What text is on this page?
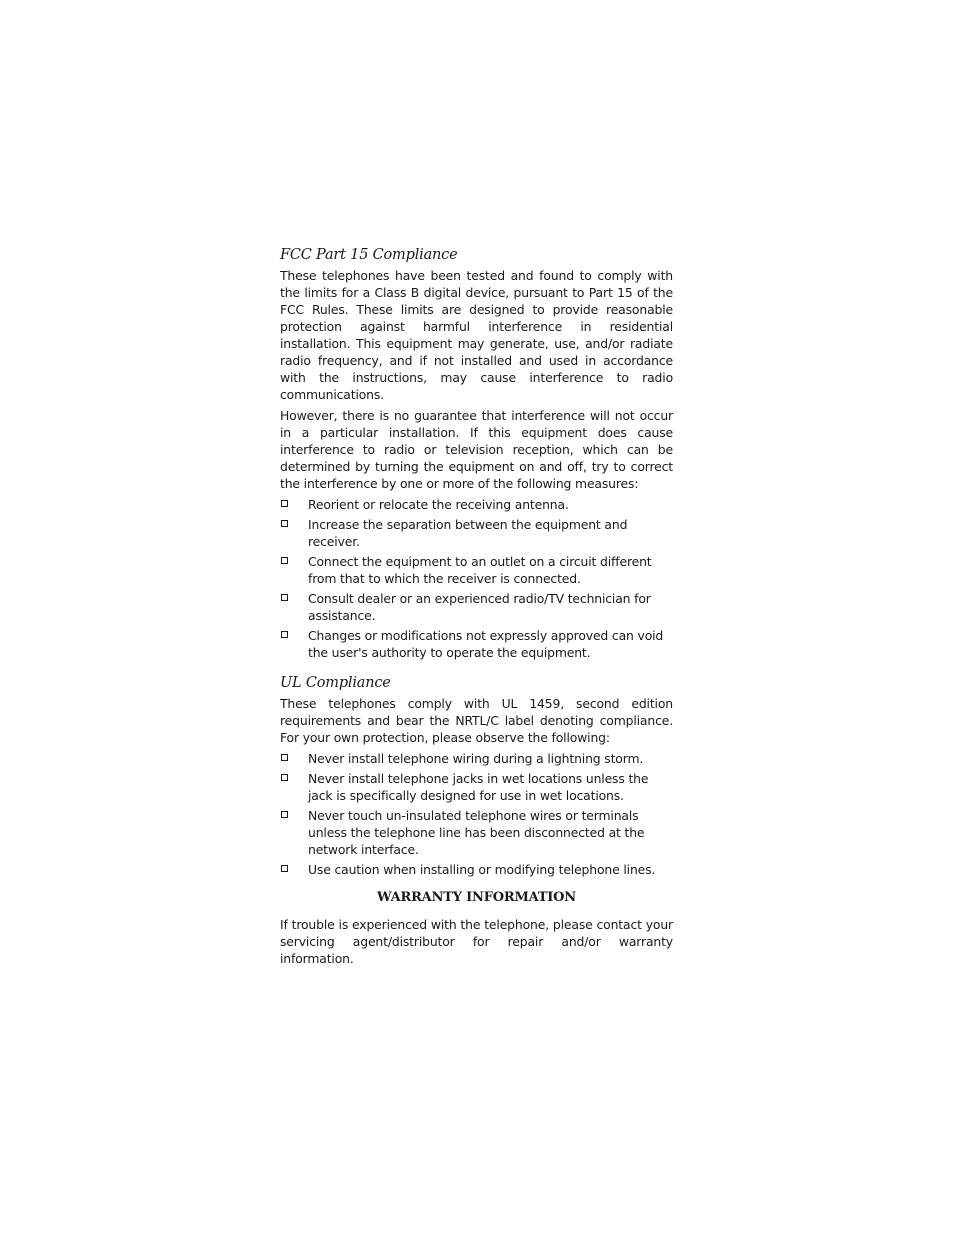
FCC Part 15 Compliance

These telephones have been tested and found to comply with the limits for a Class B digital device, pursuant to Part 15 of the FCC Rules. These limits are designed to provide reasonable protection against harmful interference in residential installation. This equipment may generate, use, and/or radiate radio frequency, and if not installed and used in accordance with the instructions, may cause interference to radio communications.

However, there is no guarantee that interference will not occur in a particular installation. If this equipment does cause interference to radio or television reception, which can be determined by turning the equipment on and off, try to correct the interference by one or more of the following measures:

Reorient or relocate the receiving antenna.
Increase the separation between the equipment and receiver.
Connect the equipment to an outlet on a circuit different from that to which the receiver is connected.
Consult dealer or an experienced radio/TV technician for assistance.
Changes or modifications not expressly approved can void the user's authority to operate the equipment.
UL Compliance

These telephones comply with UL 1459, second edition requirements and bear the NRTL/C label denoting compliance. For your own protection, please observe the following:

Never install telephone wiring during a lightning storm.
Never install telephone jacks in wet locations unless the jack is specifically designed for use in wet locations.
Never touch un-insulated telephone wires or terminals unless the telephone line has been disconnected at the network interface.
Use caution when installing or modifying telephone lines.
WARRANTY INFORMATION

If trouble is experienced with the telephone, please contact your servicing agent/distributor for repair and/or warranty information.
